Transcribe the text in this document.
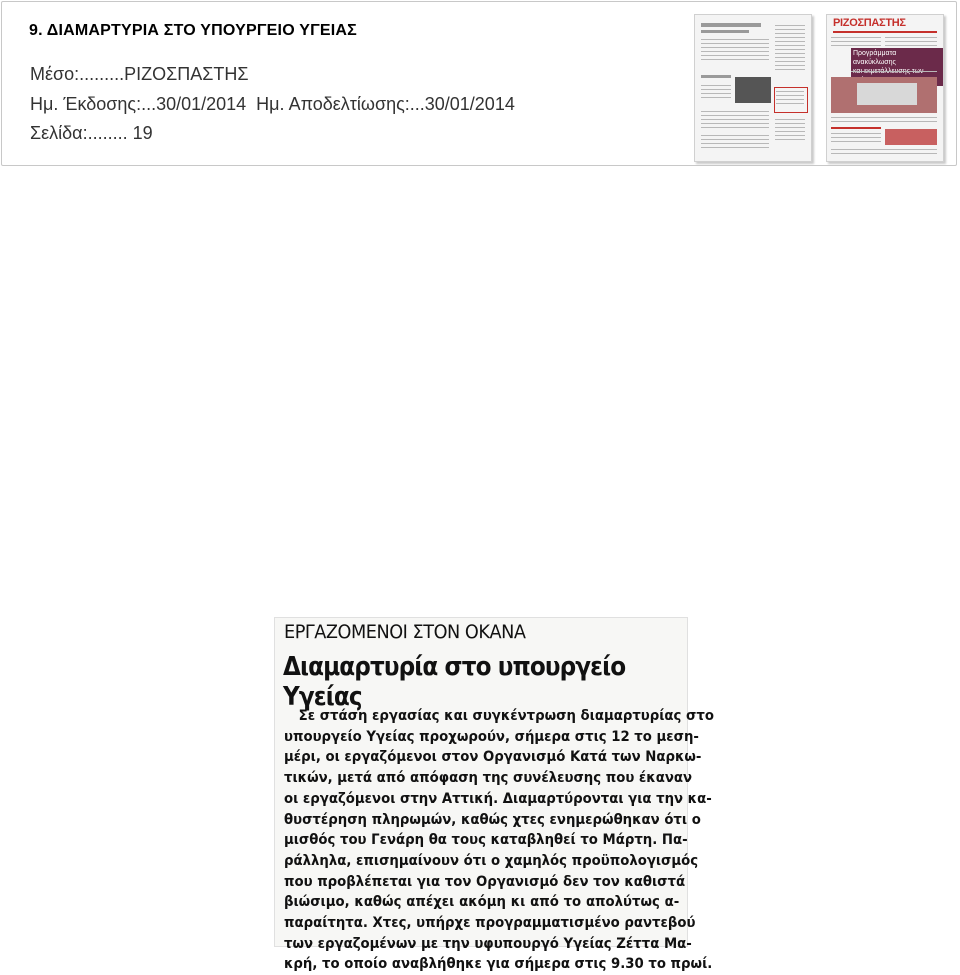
9. ΔΙΑΜΑΡΤΥΡΙΑ ΣΤΟ ΥΠΟΥΡΓΕΙΟ ΥΓΕΙΑΣ
Μέσο:.........ΡΙΖΟΣΠΑΣΤΗΣ
Ημ. Έκδοσης:...30/01/2014  Ημ. Αποδελτίωσης:...30/01/2014
Σελίδα:........ 19
ΡΙΖΟΣΠΑΣΤΗΣ
Προγράμματα ανακύκλωσης

ΕΡΓΑΖΟΜΕΝΟΙ ΣΤΟΝ ΟΚΑΝΑ
Διαμαρτυρία στο υπουργείο Υγείας
Σε στάση εργασίας και συγκέντρωση διαμαρτυρίας στο
υπουργείο Υγείας προχωρούν, σήμερα στις 12 το μεση-
μέρι, οι εργαζόμενοι στον Οργανισμό Κατά των Ναρκω-
τικών, μετά από απόφαση της συνέλευσης που έκαναν
οι εργαζόμενοι στην Αττική. Διαμαρτύρονται για την κα-
θυστέρηση πληρωμών, καθώς χτες ενημερώθηκαν ότι ο
μισθός του Γενάρη θα τους καταβληθεί το Μάρτη. Πα-
ράλληλα, επισημαίνουν ότι ο χαμηλός προϋπολογισμός
που προβλέπεται για τον Οργανισμό δεν τον καθιστά
βιώσιμο, καθώς απέχει ακόμη κι από το απολύτως α-
παραίτητα. Χτες, υπήρχε προγραμματισμένο ραντεβού
των εργαζομένων με την υφυπουργό Υγείας Ζέττα Μα-
κρή, το οποίο αναβλήθηκε για σήμερα στις 9.30 το πρωί.
